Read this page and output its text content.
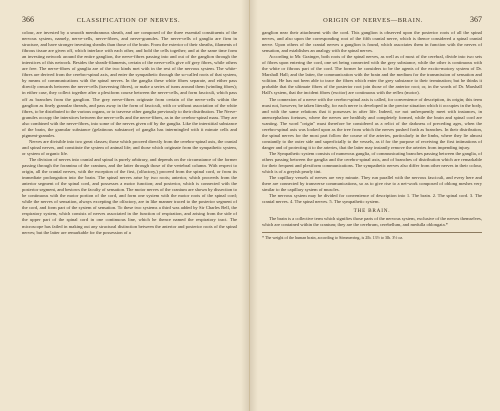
366	CLASSIFICATION OF NERVES.

colour, are invested by a smooth membranous sheath, and are composed of the three essential constituents of the nervous system, namely, nerve-cells, nerve-fibres, and nerve-granules. The nerve-cells of ganglia are firm in structure, and have stronger investing sheaths than those of the brain. From the exterior of their sheaths, filaments of fibrous tissue are given off, which interlace with each other, and hold the cells together; and at the same time form an investing network around the entire ganglion, the nerve-fibres passing into and out of the ganglion through the interstices of this network. Besides the sheath-filaments, certain of the nerve-cells give off grey fibres, while others are free. The nerve-fibres of ganglia are of the two kinds met with in the rest of the nervous system. The white-fibres are derived from the cerebro-spinal axis, and enter the sympathetic through the so-called roots of that system, by means of communications with the spinal nerves. In the ganglia these white fibres separate, and either pass directly onwards between the nerve-cells (traversing fibres), or make a series of turns around them (winding fibres); in either case, they collect together after a plexiform course between the nerve-cells, and form fasciculi, which pass off as branches from the ganglion. The grey nerve-fibres originate from certain of the nerve-cells within the ganglion as finely granular threads, and pass away in the form of fasciculi, with or without association of the white fibres, to be distributed to the various organs, or to traverse other ganglia previously to their distribution. The Nerve-granules occupy the interstices between the nerve-cells and the nerve-fibres, as in the cerebro-spinal mass. They are also combined with the nerve-fibres, into some of the nerves given off by the ganglia. Like the interstitial substance of the brain, the granular substance (gelatinous substance) of ganglia has intermingled with it minute cells and pigment-granules.

Nerves are divisible into two great classes; those which proceed directly from the cerebro-spinal axis, the cranial and spinal nerves, and constitute the system of animal life; and those which originate from the sympathetic system, or system of organic life.

The division of nerves into cranial and spinal is purely arbitrary, and depends on the circumstance of the former passing through the foramina of the cranium, and the latter through those of the vertebral column. With respect to origin, all the cranial nerves, with the exception of the first, (olfactory,) proceed from the spinal cord, or from its immediate prolongation into the brain. The spinal nerves arise by two roots; anterior, which proceeds from the anterior segment of the spinal cord, and possesses a motor function; and posterior, which is connected with the posterior segment, and bestows the faculty of sensation. The motor nerves of the cranium are shown by dissection to be continuous with the motor portion of the cord, and form one system with the motor roots of the spinal cord; while the nerves of sensation, always excepting the olfactory, are in like manner traced to the posterior segment of the cord, and form part of the system of sensation. To these two systems a third was added by Sir Charles Bell, the respiratory system, which consists of nerves associated in the function of respiration, and arising from the side of the upper part of the spinal cord in one continuous line, which he thence named the respiratory tract. The microscope has failed in making out any structural distinction between the anterior and posterior roots of the spinal nerves; but the latter are remarkable for the possession of a

ORIGIN OF NERVES—BRAIN.	367

ganglion near their attachment with the cord. This ganglion is observed upon the posterior roots of all the spinal nerves, and also upon the corresponding root of the fifth cranial nerve, which is thence considered a spinal cranial nerve. Upon others of the cranial nerves a ganglion is found, which associates them in function with the nerves of sensation, and establishes an analogy with the spinal nerves.

According to Mr. Grainger, both roots of the spinal nerves, as well as of most of the cerebral, divide into two sets of fibres upon entering the cord, one set being connected with the grey substance, while the other is continuous with the white or fibrous part of the cord. The former he considers to be the agents of the excito-motory system of Dr. Marshall Hall; and the latter, the communication with the brain and the medium for the transmission of sensation and volition. He has not been able to trace the fibres which enter the grey substance to their termination; but he thinks it probable that the ultimate fibres of the posterior root join those of the anterior root; or, in the words of Dr. Marshall Hall's system, that the incident fibres (excitor) are continuous with the reflex (motor).

The connexion of a nerve with the cerebro-spinal axis is called, for convenience of description, its origin; this term must not, however, be taken literally, for each nerve is developed in the precise situation which it occupies in the body, and with the same relations that it possesses in after life. Indeed, we not unfrequently meet with instances, in anencephalous foetuses, where the nerves are healthily and completely formed, while the brain and spinal cord are wanting. The word "origin" must therefore be considered as a relict of the darkness of preceding ages, when the cerebro-spinal axis was looked upon as the tree from which the nerves pushed forth as branches. In their distribution, the spinal nerves for the most part follow the course of the arteries, particularly in the limbs, where they lie almost constantly to the outer side and superficially to the vessels, as if for the purpose of receiving the first intimations of danger and of protecting it to the arteries, that the latter may instantly remove the arteries from impending injury.

The Sympathetic system consists of numerous ganglia, of communicating branches passing between the ganglia, of others passing between the ganglia and the cerebro-spinal axis, and of branches of distribution which are remarkable for their frequent and plexiform communications. The sympathetic nerves also differ from other nerves in their colour, which is of a greyish pearly tint.

The capillary vessels of nerves are very minute. They run parallel with the nervous fasciculi, and every here and there are connected by transverse communications, so as to give rise to a net-work composed of oblong meshes very similar to the capillary system of muscles.

The nervous system may be divided for convenience of description into 1. The brain. 2. The spinal cord. 3. The cranial nerves. 4. The spinal nerves. 5. The sympathetic system.

THE BRAIN.

The brain is a collective term which signifies those parts of the nervous system, exclusive of the nerves themselves, which are contained within the cranium; they are the cerebrum, cerebellum, and medulla oblongata.*

* The weight of the human brain, according to Sömmerring, is 2lb. 13½ to 3lb. 3½ oz.
